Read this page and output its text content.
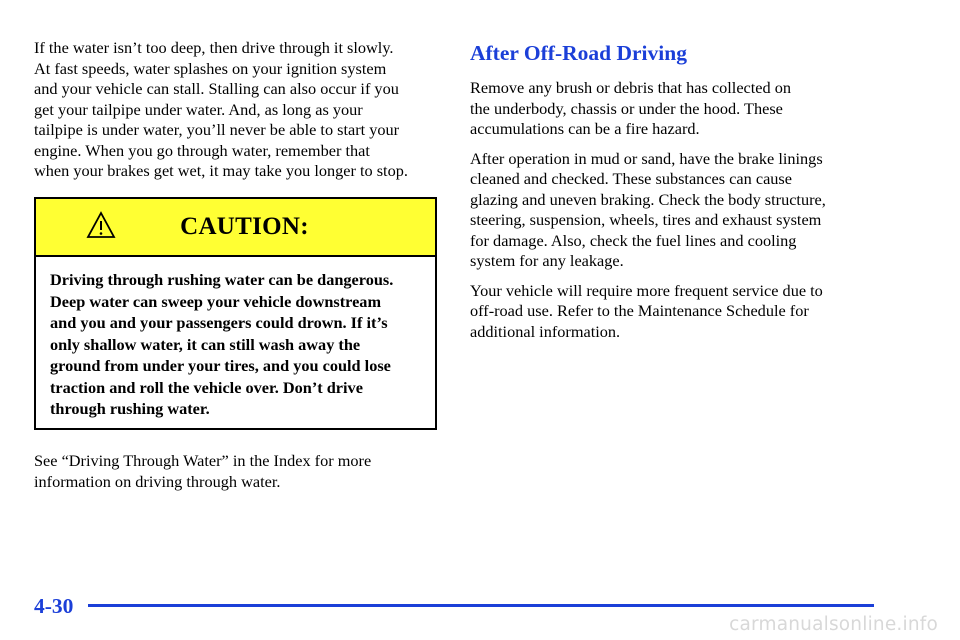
If the water isn’t too deep, then drive through it slowly.
At fast speeds, water splashes on your ignition system
and your vehicle can stall. Stalling can also occur if you
get your tailpipe under water. And, as long as your
tailpipe is under water, you’ll never be able to start your
engine. When you go through water, remember that
when your brakes get wet, it may take you longer to stop.

CAUTION:
Driving through rushing water can be dangerous.
Deep water can sweep your vehicle downstream
and you and your passengers could drown. If it’s
only shallow water, it can still wash away the
ground from under your tires, and you could lose
traction and roll the vehicle over. Don’t drive
through rushing water.
See “Driving Through Water” in the Index for more
information on driving through water.
After Off-Road Driving

Remove any brush or debris that has collected on
the underbody, chassis or under the hood. These
accumulations can be a fire hazard.

After operation in mud or sand, have the brake linings
cleaned and checked. These substances can cause
glazing and uneven braking. Check the body structure,
steering, suspension, wheels, tires and exhaust system
for damage. Also, check the fuel lines and cooling
system for any leakage.

Your vehicle will require more frequent service due to
off-road use. Refer to the Maintenance Schedule for
additional information.

4-30
carmanualsonline.info
